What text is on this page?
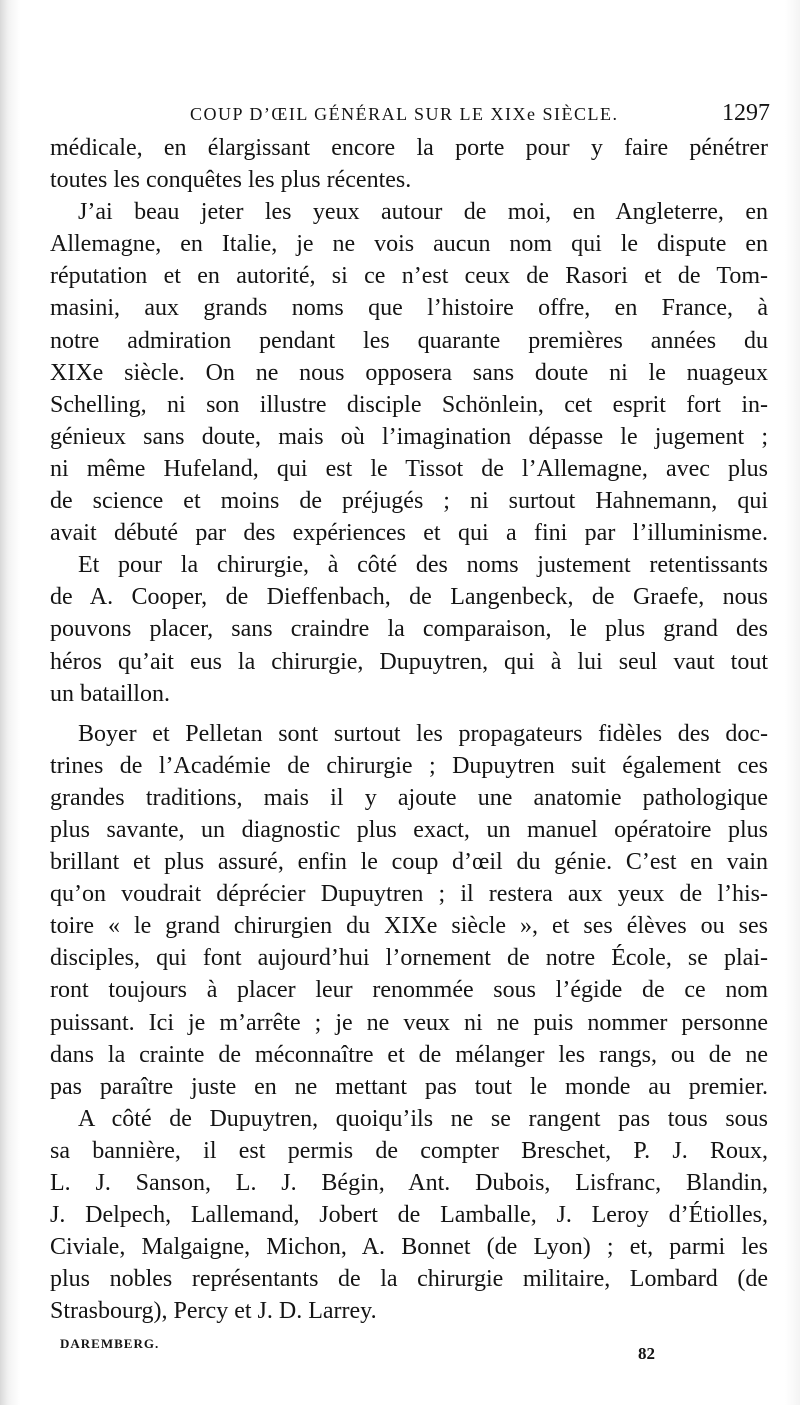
COUP D’ŒIL GÉNÉRAL SUR LE XIXe SIÈCLE.	1297
médicale, en élargissant encore la porte pour y faire pénétrer
toutes les conquêtes les plus récentes.
J’ai beau jeter les yeux autour de moi, en Angleterre, en
Allemagne, en Italie, je ne vois aucun nom qui le dispute en
réputation et en autorité, si ce n’est ceux de Rasori et de Tom-
masini, aux grands noms que l’histoire offre, en France, à
notre admiration pendant les quarante premières années du
XIXe siècle. On ne nous opposera sans doute ni le nuageux
Schelling, ni son illustre disciple Schönlein, cet esprit fort in-
génieux sans doute, mais où l’imagination dépasse le jugement ;
ni même Hufeland, qui est le Tissot de l’Allemagne, avec plus
de science et moins de préjugés ; ni surtout Hahnemann, qui
avait débuté par des expériences et qui a fini par l’illuminisme.
Et pour la chirurgie, à côté des noms justement retentissants
de A. Cooper, de Dieffenbach, de Langenbeck, de Graefe, nous
pouvons placer, sans craindre la comparaison, le plus grand des
héros qu’ait eus la chirurgie, Dupuytren, qui à lui seul vaut tout
un bataillon.
Boyer et Pelletan sont surtout les propagateurs fidèles des doc-
trines de l’Académie de chirurgie ; Dupuytren suit également ces
grandes traditions, mais il y ajoute une anatomie pathologique
plus savante, un diagnostic plus exact, un manuel opératoire plus
brillant et plus assuré, enfin le coup d’œil du génie. C’est en vain
qu’on voudrait déprécier Dupuytren ; il restera aux yeux de l’his-
toire « le grand chirurgien du XIXe siècle », et ses élèves ou ses
disciples, qui font aujourd’hui l’ornement de notre École, se plai-
ront toujours à placer leur renommée sous l’égide de ce nom
puissant. Ici je m’arrête ; je ne veux ni ne puis nommer personne
dans la crainte de méconnaître et de mélanger les rangs, ou de ne
pas paraître juste en ne mettant pas tout le monde au premier.
A côté de Dupuytren, quoiqu’ils ne se rangent pas tous sous
sa bannière, il est permis de compter Breschet, P. J. Roux,
L. J. Sanson, L. J. Bégin, Ant. Dubois, Lisfranc, Blandin,
J. Delpech, Lallemand, Jobert de Lamballe, J. Leroy d’Étiolles,
Civiale, Malgaigne, Michon, A. Bonnet (de Lyon) ; et, parmi les
plus nobles représentants de la chirurgie militaire, Lombard (de
Strasbourg), Percy et J. D. Larrey.
DAREMBERG.
82
